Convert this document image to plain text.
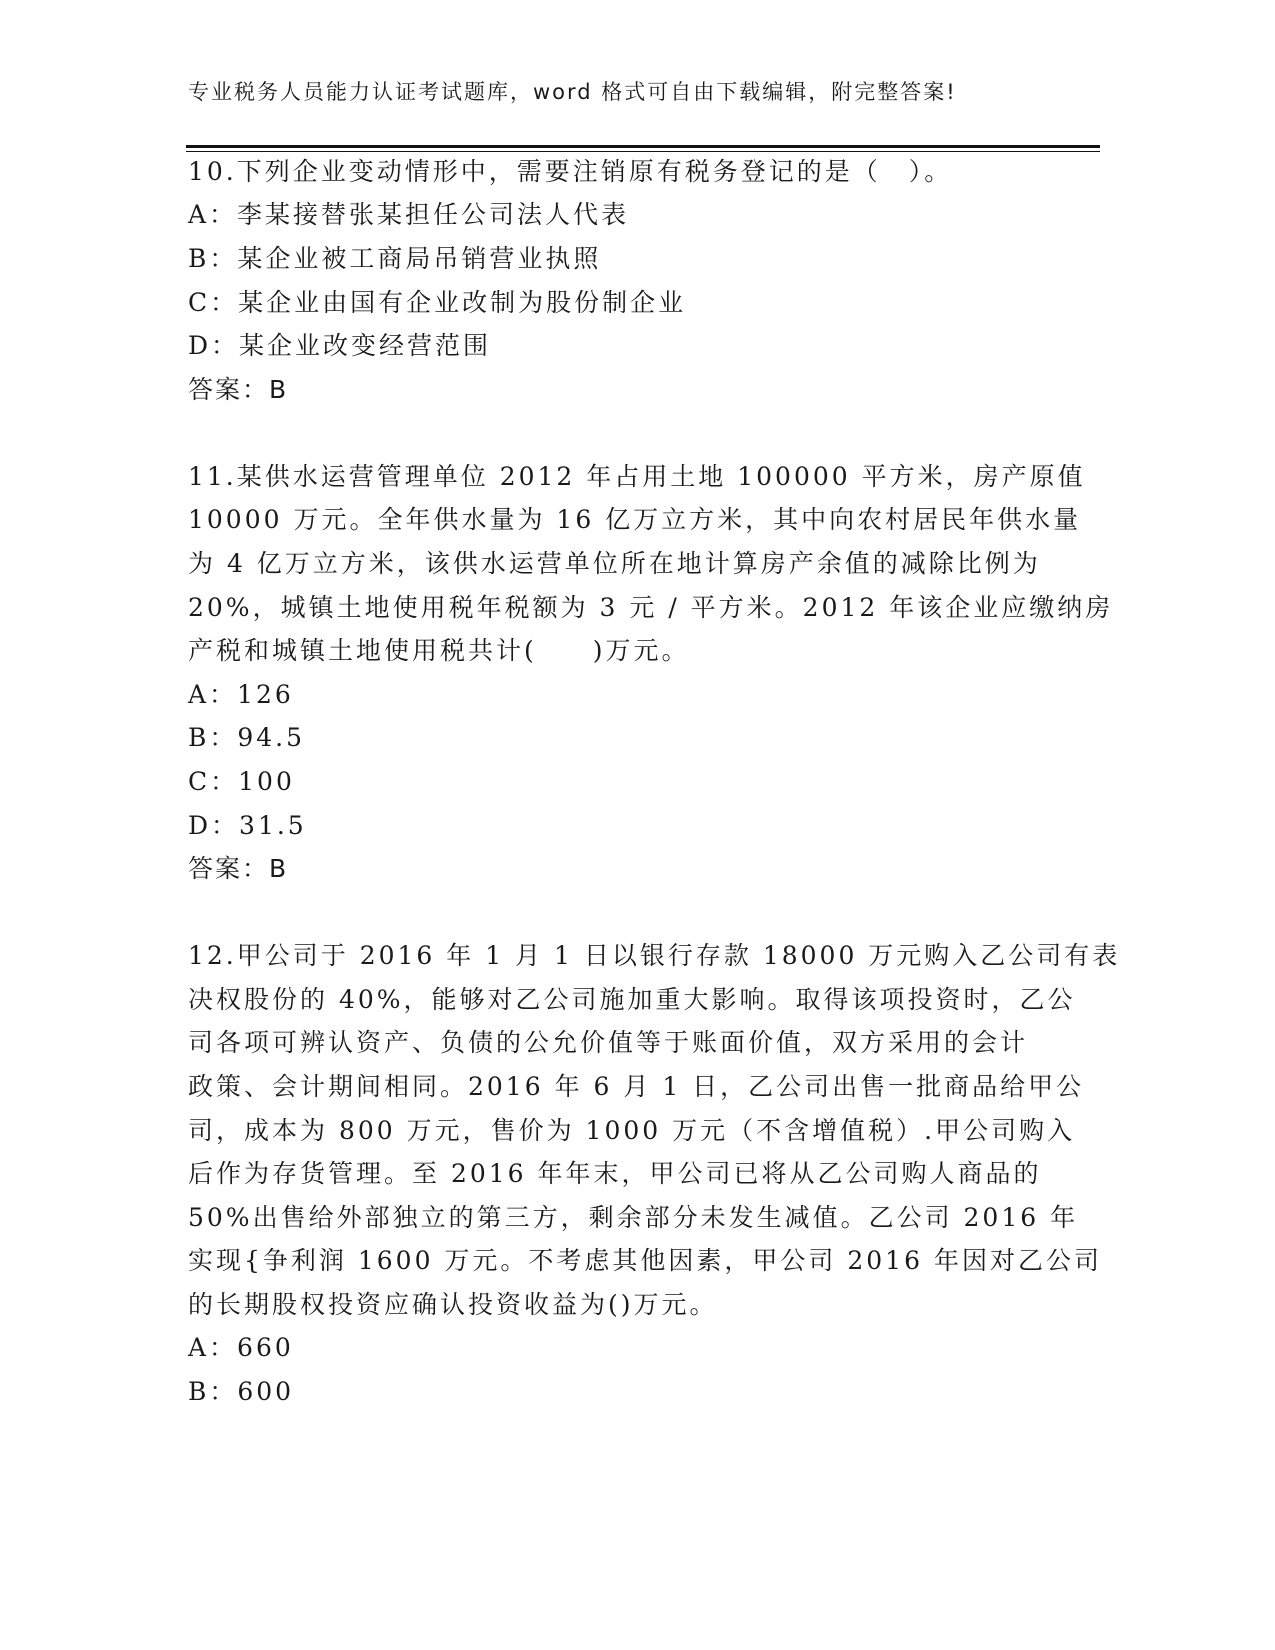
专业税务人员能力认证考试题库，word 格式可自由下载编辑，附完整答案!
10.下列企业变动情形中，需要注销原有税务登记的是（　）。
A：李某接替张某担任公司法人代表
B：某企业被工商局吊销营业执照
C：某企业由国有企业改制为股份制企业
D：某企业改变经营范围
答案：B
11.某供水运营管理单位 2012 年占用土地 100000 平方米，房产原值
10000 万元。全年供水量为 16 亿万立方米，其中向农村居民年供水量
为 4 亿万立方米，该供水运营单位所在地计算房产余值的减除比例为
20%，城镇土地使用税年税额为 3 元 / 平方米。2012 年该企业应缴纳房
产税和城镇土地使用税共计(　　)万元。
A：126
B：94.5
C：100
D：31.5
答案：B
12.甲公司于 2016 年 1 月 1 日以银行存款 18000 万元购入乙公司有表
决权股份的 40%，能够对乙公司施加重大影响。取得该项投资时，乙公
司各项可辨认资产、负债的公允价值等于账面价值，双方采用的会计
政策、会计期间相同。2016 年 6 月 1 日，乙公司出售一批商品给甲公
司，成本为 800 万元，售价为 1000 万元（不含增值税）.甲公司购入
后作为存货管理。至 2016 年年末，甲公司已将从乙公司购人商品的
50%出售给外部独立的第三方，剩余部分未发生减值。乙公司 2016 年
实现{争利润 1600 万元。不考虑其他因素，甲公司 2016 年因对乙公司
的长期股权投资应确认投资收益为()万元。
A：660
B：600
